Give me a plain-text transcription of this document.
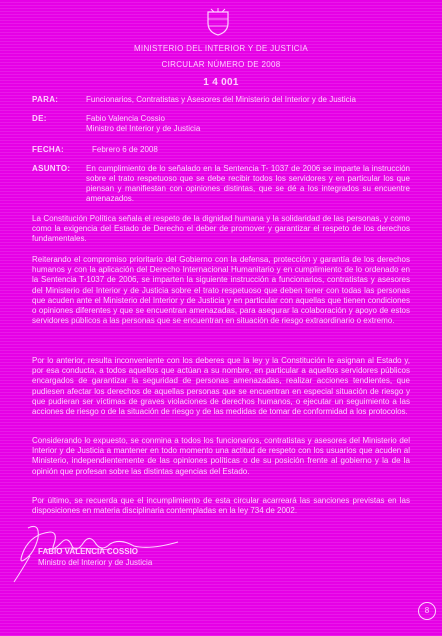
MINISTERIO DEL INTERIOR Y DE JUSTICIA
CIRCULAR NÚMERO DE 2008
1 4 001
PARA:	Funcionarios, Contratistas y Asesores del Ministerio del Interior y de Justicia
DE:	Fabio Valencia Cossio
Ministro del Interior y de Justicia
FECHA:	Febrero 6 de 2008
ASUNTO: En cumplimiento de lo señalado en la Sentencia T- 1037 de 2006 se imparte la instrucción sobre el trato respetuoso que se debe recibir todos los servidores y en particular los que piensan y manifiestan con opiniones distintas, que se dé a los integrados su encuentre amenazados.

La Constitución Política señala el respeto de la dignidad humana y la solidaridad de las personas, y como como la exigencia del Estado de Derecho el deber de promover y garantizar el respeto de los derechos fundamentales.

Reiterando el compromiso prioritario del Gobierno con la defensa, protección y garantía de los derechos humanos y con la aplicación del Derecho Internacional Humanitario y en cumplimiento de lo ordenado en la Sentencia T-1037 de 2006, se imparten la siguiente instrucción a funcionarios, contratistas y asesores del Ministerio del Interior y de Justicia sobre el trato respetuoso que deben tener con todas las personas que acuden ante el Ministerio del Interior y de Justicia y en particular con aquellas que tienen condiciones o opiniones diferentes y que se encuentran amenazadas, para asegurar la colaboración y apoyo de estos servidores públicos a las personas que se encuentran en situación de riesgo extraordinario o extremo.

Por lo anterior, resulta inconveniente con los deberes que la ley y la Constitución le asignan al Estado y, por esa conducta, a todos aquellos que actúan a su nombre, en particular a aquellos servidores públicos encargados de garantizar la seguridad de personas amenazadas, realizar acciones tendientes, que pudiesen afectar los derechos de aquellas personas que se encuentran en especial situación de riesgo y que pudieran ser víctimas de graves violaciones de derechos humanos, o ejecutar un seguimiento a las acciones de riesgo o de la situación de riesgo y de las medidas de tomar de conformidad a los protocolos.

Considerando lo expuesto, se conmina a todos los funcionarios, contratistas y asesores del Ministerio del Interior y de Justicia a mantener en todo momento una actitud de respeto con los usuarios que acuden al Ministerio, independientemente de las opiniones políticas o de su posición frente al gobierno y la de la opinión que profesan sobre las distintas agencias del Estado.

Por último, se recuerda que el incumplimiento de esta circular acarreará las sanciones previstas en las disposiciones en materia disciplinaria contempladas en la ley 734 de 2002.

FABIO VALENCIA COSSIO
Ministro del Interior y de Justicia
8
